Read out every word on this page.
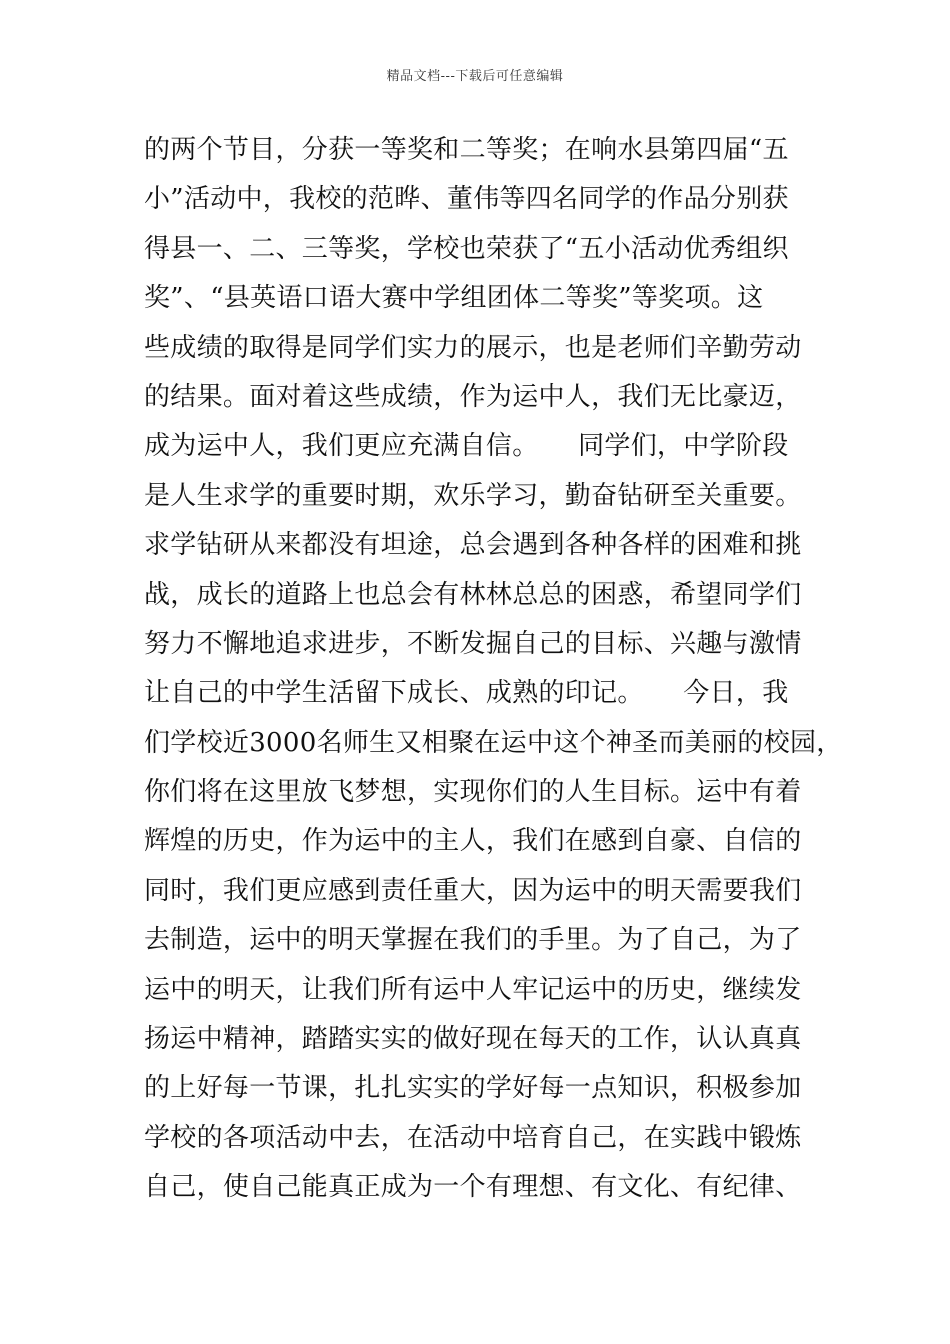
精品文档---下载后可任意编辑
的两个节目，分获一等奖和二等奖；在响水县第四届“五
小”活动中，我校的范晔、董伟等四名同学的作品分别获
得县一、二、三等奖，学校也荣获了“五小活动优秀组织
奖”、“县英语口语大赛中学组团体二等奖”等奖项。这
些成绩的取得是同学们实力的展示，也是老师们辛勤劳动
的结果。面对着这些成绩，作为运中人，我们无比豪迈，
成为运中人，我们更应充满自信。　　同学们，中学阶段
是人生求学的重要时期，欢乐学习，勤奋钻研至关重要。
求学钻研从来都没有坦途，总会遇到各种各样的困难和挑
战，成长的道路上也总会有林林总总的困惑，希望同学们
努力不懈地追求进步，不断发掘自己的目标、兴趣与激情
让自己的中学生活留下成长、成熟的印记。　　今日，我
们学校近3000名师生又相聚在运中这个神圣而美丽的校园，
你们将在这里放飞梦想，实现你们的人生目标。运中有着
辉煌的历史，作为运中的主人，我们在感到自豪、自信的
同时，我们更应感到责任重大，因为运中的明天需要我们
去制造，运中的明天掌握在我们的手里。为了自己，为了
运中的明天，让我们所有运中人牢记运中的历史，继续发
扬运中精神，踏踏实实的做好现在每天的工作，认认真真
的上好每一节课，扎扎实实的学好每一点知识，积极参加
学校的各项活动中去，在活动中培育自己，在实践中锻炼
自己，使自己能真正成为一个有理想、有文化、有纪律、
